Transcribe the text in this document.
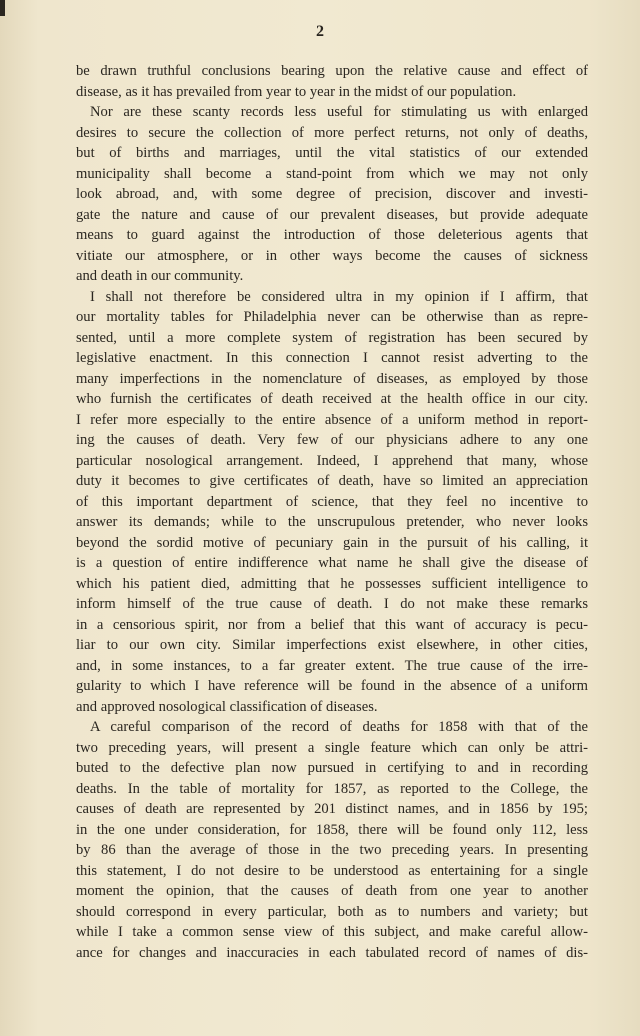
2
be drawn truthful conclusions bearing upon the relative cause and effect of
disease, as it has prevailed from year to year in the midst of our population.
Nor are these scanty records less useful for stimulating us with enlarged
desires to secure the collection of more perfect returns, not only of deaths,
but of births and marriages, until the vital statistics of our extended
municipality shall become a stand-point from which we may not only
look abroad, and, with some degree of precision, discover and investi-
gate the nature and cause of our prevalent diseases, but provide adequate
means to guard against the introduction of those deleterious agents that
vitiate our atmosphere, or in other ways become the causes of sickness
and death in our community.
I shall not therefore be considered ultra in my opinion if I affirm, that
our mortality tables for Philadelphia never can be otherwise than as repre-
sented, until a more complete system of registration has been secured by
legislative enactment. In this connection I cannot resist adverting to the
many imperfections in the nomenclature of diseases, as employed by those
who furnish the certificates of death received at the health office in our city.
I refer more especially to the entire absence of a uniform method in report-
ing the causes of death. Very few of our physicians adhere to any one
particular nosological arrangement. Indeed, I apprehend that many, whose
duty it becomes to give certificates of death, have so limited an appreciation
of this important department of science, that they feel no incentive to
answer its demands; while to the unscrupulous pretender, who never looks
beyond the sordid motive of pecuniary gain in the pursuit of his calling, it
is a question of entire indifference what name he shall give the disease of
which his patient died, admitting that he possesses sufficient intelligence to
inform himself of the true cause of death. I do not make these remarks
in a censorious spirit, nor from a belief that this want of accuracy is pecu-
liar to our own city. Similar imperfections exist elsewhere, in other cities,
and, in some instances, to a far greater extent. The true cause of the irre-
gularity to which I have reference will be found in the absence of a uniform
and approved nosological classification of diseases.
A careful comparison of the record of deaths for 1858 with that of the
two preceding years, will present a single feature which can only be attri-
buted to the defective plan now pursued in certifying to and in recording
deaths. In the table of mortality for 1857, as reported to the College, the
causes of death are represented by 201 distinct names, and in 1856 by 195;
in the one under consideration, for 1858, there will be found only 112, less
by 86 than the average of those in the two preceding years. In presenting
this statement, I do not desire to be understood as entertaining for a single
moment the opinion, that the causes of death from one year to another
should correspond in every particular, both as to numbers and variety; but
while I take a common sense view of this subject, and make careful allow-
ance for changes and inaccuracies in each tabulated record of names of dis-
